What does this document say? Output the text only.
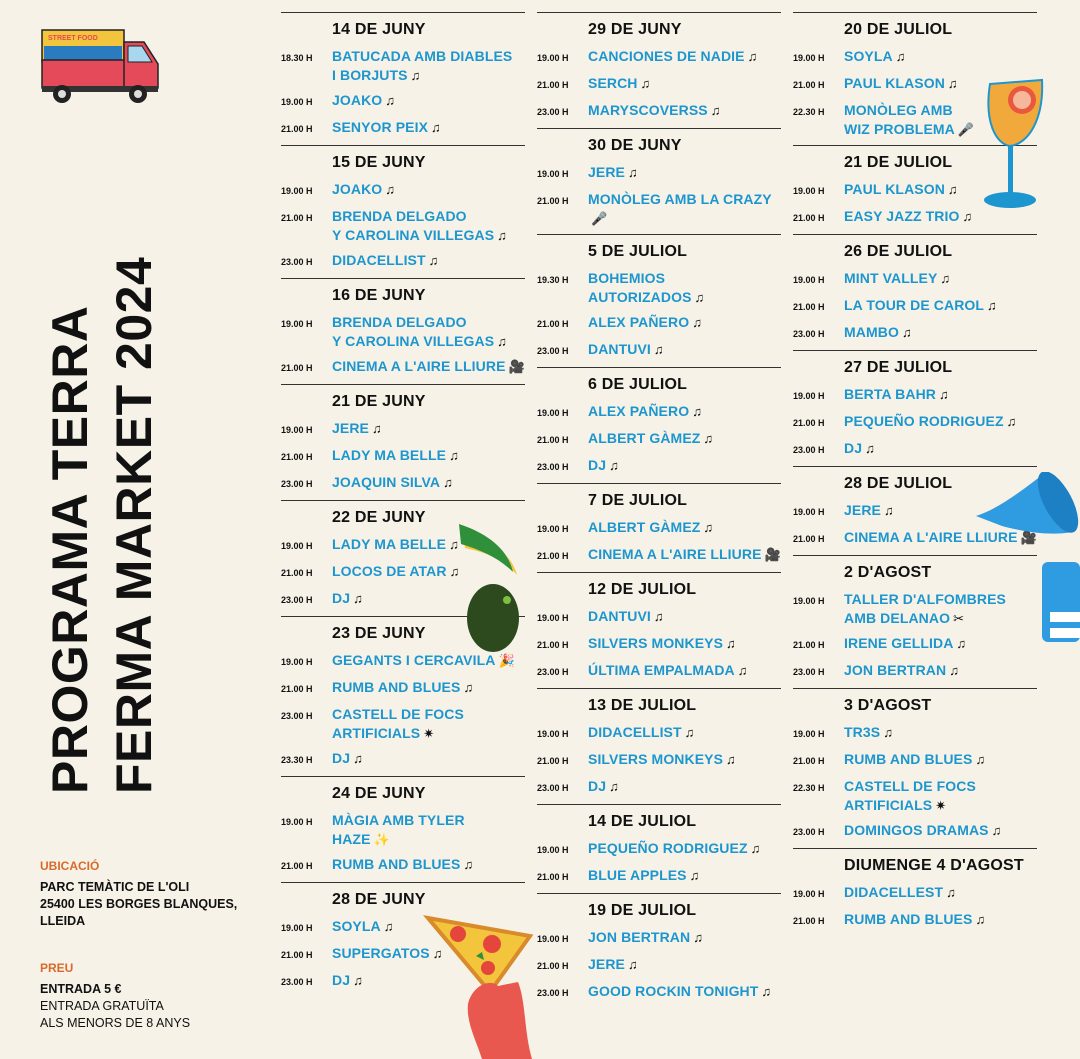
STREET FOOD
PROGRAMA TERRA FERMA MARKET 2024
UBICACIÓ
PARC TEMÀTIC DE L'OLI
25400 LES BORGES BLANQUES,
LLEIDA
PREU
ENTRADA 5 €
ENTRADA GRATUÏTA
ALS MENORS DE 8 ANYS
14 DE JUNY
18.30 H	BATUCADA AMB DIABLES
I BORJUTS ♫
19.00 H	JOAKO ♫
21.00 H	SENYOR PEIX ♫
15 DE JUNY
19.00 H	JOAKO ♫
21.00 H	BRENDA DELGADO
Y CAROLINA VILLEGAS ♫
23.00 H	DIDACELLIST ♫
16 DE JUNY
19.00 H	BRENDA DELGADO
Y CAROLINA VILLEGAS ♫
21.00 H	CINEMA A L'AIRE LLIURE 🎥
21 DE JUNY
19.00 H	JERE ♫
21.00 H	LADY MA BELLE ♫
23.00 H	JOAQUIN SILVA ♫
22 DE JUNY
19.00 H	LADY MA BELLE ♫
21.00 H	LOCOS DE ATAR ♫
23.00 H	DJ ♫
23 DE JUNY
19.00 H	GEGANTS I CERCAVILA 🎉
21.00 H	RUMB AND BLUES ♫
23.00 H	CASTELL DE FOCS
ARTIFICIALS ✷
23.30 H	DJ ♫
24 DE JUNY
19.00 H	MÀGIA AMB TYLER HAZE ✨
21.00 H	RUMB AND BLUES ♫
28 DE JUNY
19.00 H	SOYLA ♫
21.00 H	SUPERGATOS ♫
23.00 H	DJ ♫
29 DE JUNY
19.00 H	CANCIONES DE NADIE ♫
21.00 H	SERCH ♫
23.00 H	MARYSCOVERSS ♫
30 DE JUNY
19.00 H	JERE ♫
21.00 H	MONÒLEG AMB LA CRAZY🎤
5 DE JULIOL
19.30 H	BOHEMIOS AUTORIZADOS ♫
21.00 H	ALEX PAÑERO ♫
23.00 H	DANTUVI ♫
6 DE JULIOL
19.00 H	ALEX PAÑERO ♫
21.00 H	ALBERT GÀMEZ ♫
23.00 H	DJ ♫
7 DE JULIOL
19.00 H	ALBERT GÀMEZ ♫
21.00 H	CINEMA A L'AIRE LLIURE 🎥
12 DE JULIOL
19.00 H	DANTUVI ♫
21.00 H	SILVERS MONKEYS ♫
23.00 H	ÚLTIMA EMPALMADA ♫
13 DE JULIOL
19.00 H	DIDACELLIST ♫
21.00 H	SILVERS MONKEYS ♫
23.00 H	DJ ♫
14 DE JULIOL
19.00 H	PEQUEÑO RODRIGUEZ ♫
21.00 H	BLUE APPLES ♫
19 DE JULIOL
19.00 H	JON BERTRAN ♫
21.00 H	JERE ♫
23.00 H	GOOD ROCKIN TONIGHT ♫
20 DE JULIOL
19.00 H	SOYLA ♫
21.00 H	PAUL KLASON ♫
22.30 H	MONÒLEG AMB
WIZ PROBLEMA 🎤
21 DE JULIOL
19.00 H	PAUL KLASON ♫
21.00 H	EASY JAZZ TRIO ♫
26 DE JULIOL
19.00 H	MINT VALLEY ♫
21.00 H	LA TOUR DE CAROL ♫
23.00 H	MAMBO ♫
27 DE JULIOL
19.00 H	BERTA BAHR ♫
21.00 H	PEQUEÑO RODRIGUEZ ♫
23.00 H	DJ ♫
28 DE JULIOL
19.00 H	JERE ♫
21.00 H	CINEMA A L'AIRE LLIURE 🎥
2 D'AGOST
19.00 H	TALLER D'ALFOMBRES
AMB DELANAO ✂
21.00 H	IRENE GELLIDA ♫
23.00 H	JON BERTRAN ♫
3 D'AGOST
19.00 H	TR3S ♫
21.00 H	RUMB AND BLUES ♫
22.30 H	CASTELL DE FOCS
ARTIFICIALS ✷
23.00 H	DOMINGOS DRAMAS ♫
DIUMENGE 4 D'AGOST
19.00 H	DIDACELLEST ♫
21.00 H	RUMB AND BLUES ♫
